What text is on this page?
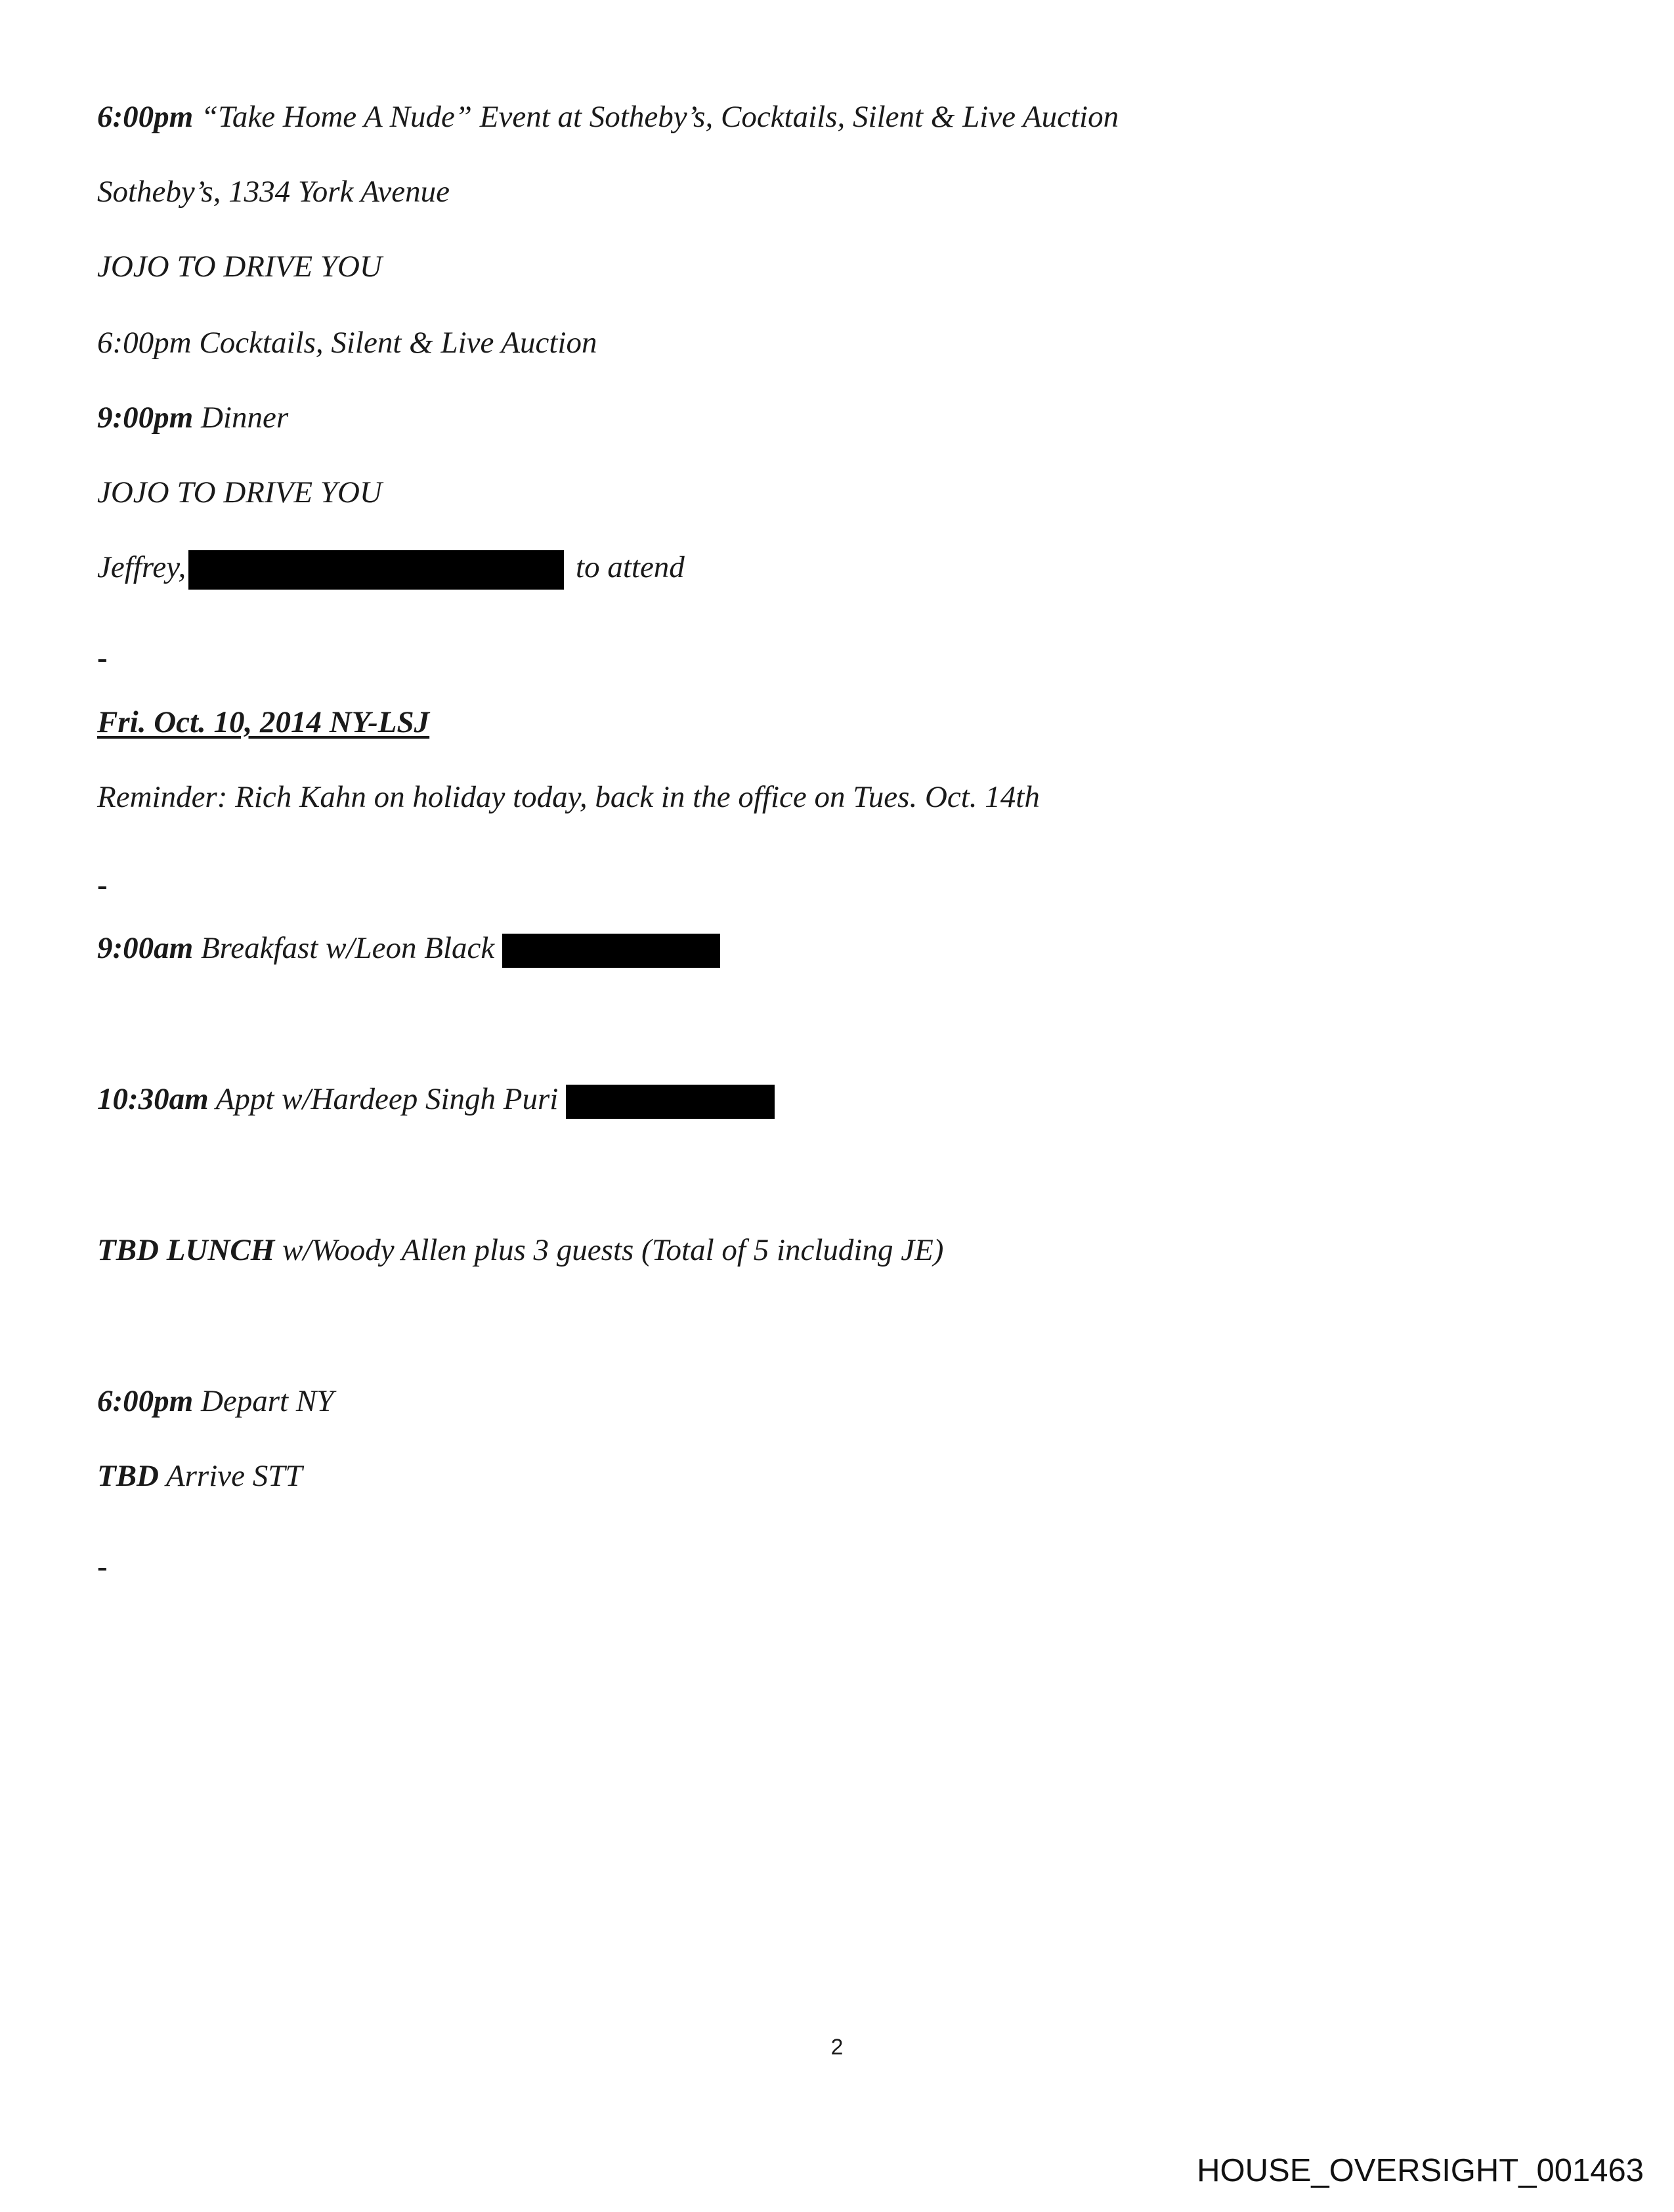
6:00pm “Take Home A Nude” Event at Sotheby’s, Cocktails, Silent & Live Auction
Sotheby’s, 1334 York Avenue
JOJO TO DRIVE YOU
6:00pm Cocktails, Silent & Live Auction
9:00pm Dinner
JOJO TO DRIVE YOU
Jeffrey,	to attend
-
Fri. Oct. 10, 2014 NY-LSJ
Reminder: Rich Kahn on holiday today, back in the office on Tues. Oct. 14th
-
9:00am Breakfast w/Leon Black
10:30am Appt w/Hardeep Singh Puri
TBD LUNCH w/Woody Allen plus 3 guests (Total of 5 including JE)
6:00pm Depart NY
TBD Arrive STT
-
2
HOUSE_OVERSIGHT_001463
